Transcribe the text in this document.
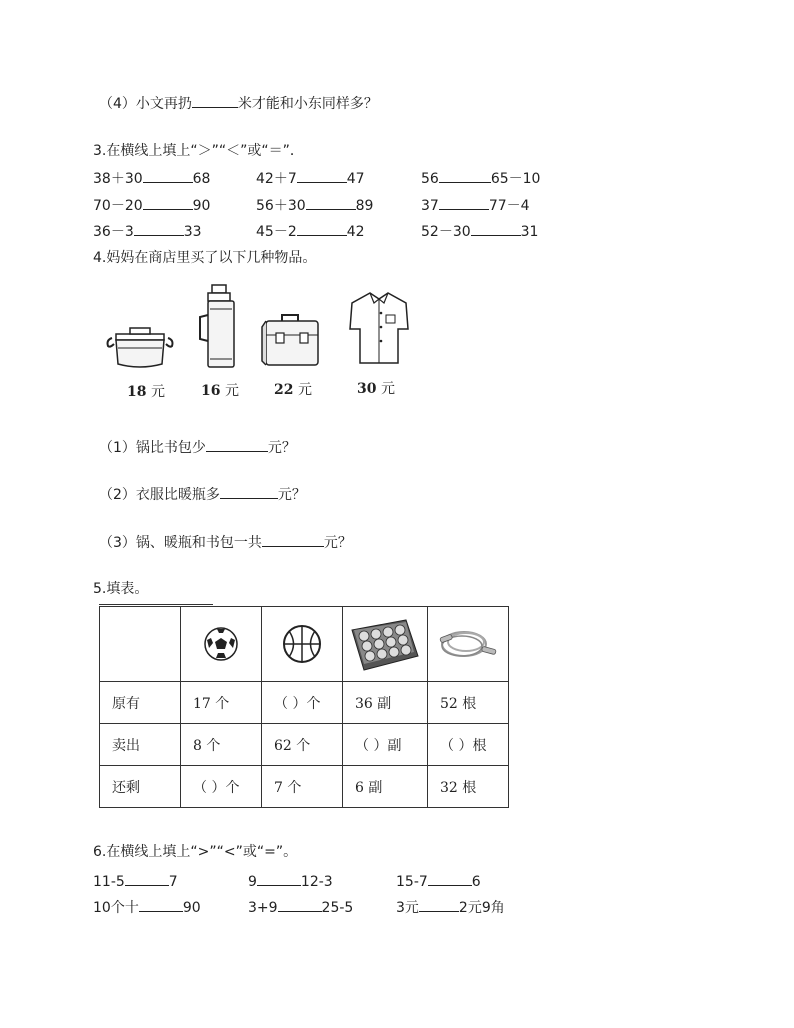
（4）小文再扔	米才能和小东同样多？
3.在横线上填上“＞”“＜”或“＝”．
38＋30	68	42＋7	47	56	65－10
70－20	90	56＋30	89	37	77－4
36－3	33	45－2	42	52－30	31
4.妈妈在商店里买了以下几种物品。
18 元	16 元	22 元	30 元
（1）锅比书包少	元？
（2）衣服比暖瓶多	元？
（3）锅、暖瓶和书包一共	元？
5.填表。

原有	17 个	（ ）个	36 副	52 根
卖出	8 个	62 个	（ ）副	（ ）根
还剩	（ ）个	7 个	6 副	32 根
6.在横线上填上“>”“<”或“=”。
11-5	7	9	12-3	15-7	6
10个十	90	3+9	25-5	3元	2元9角
